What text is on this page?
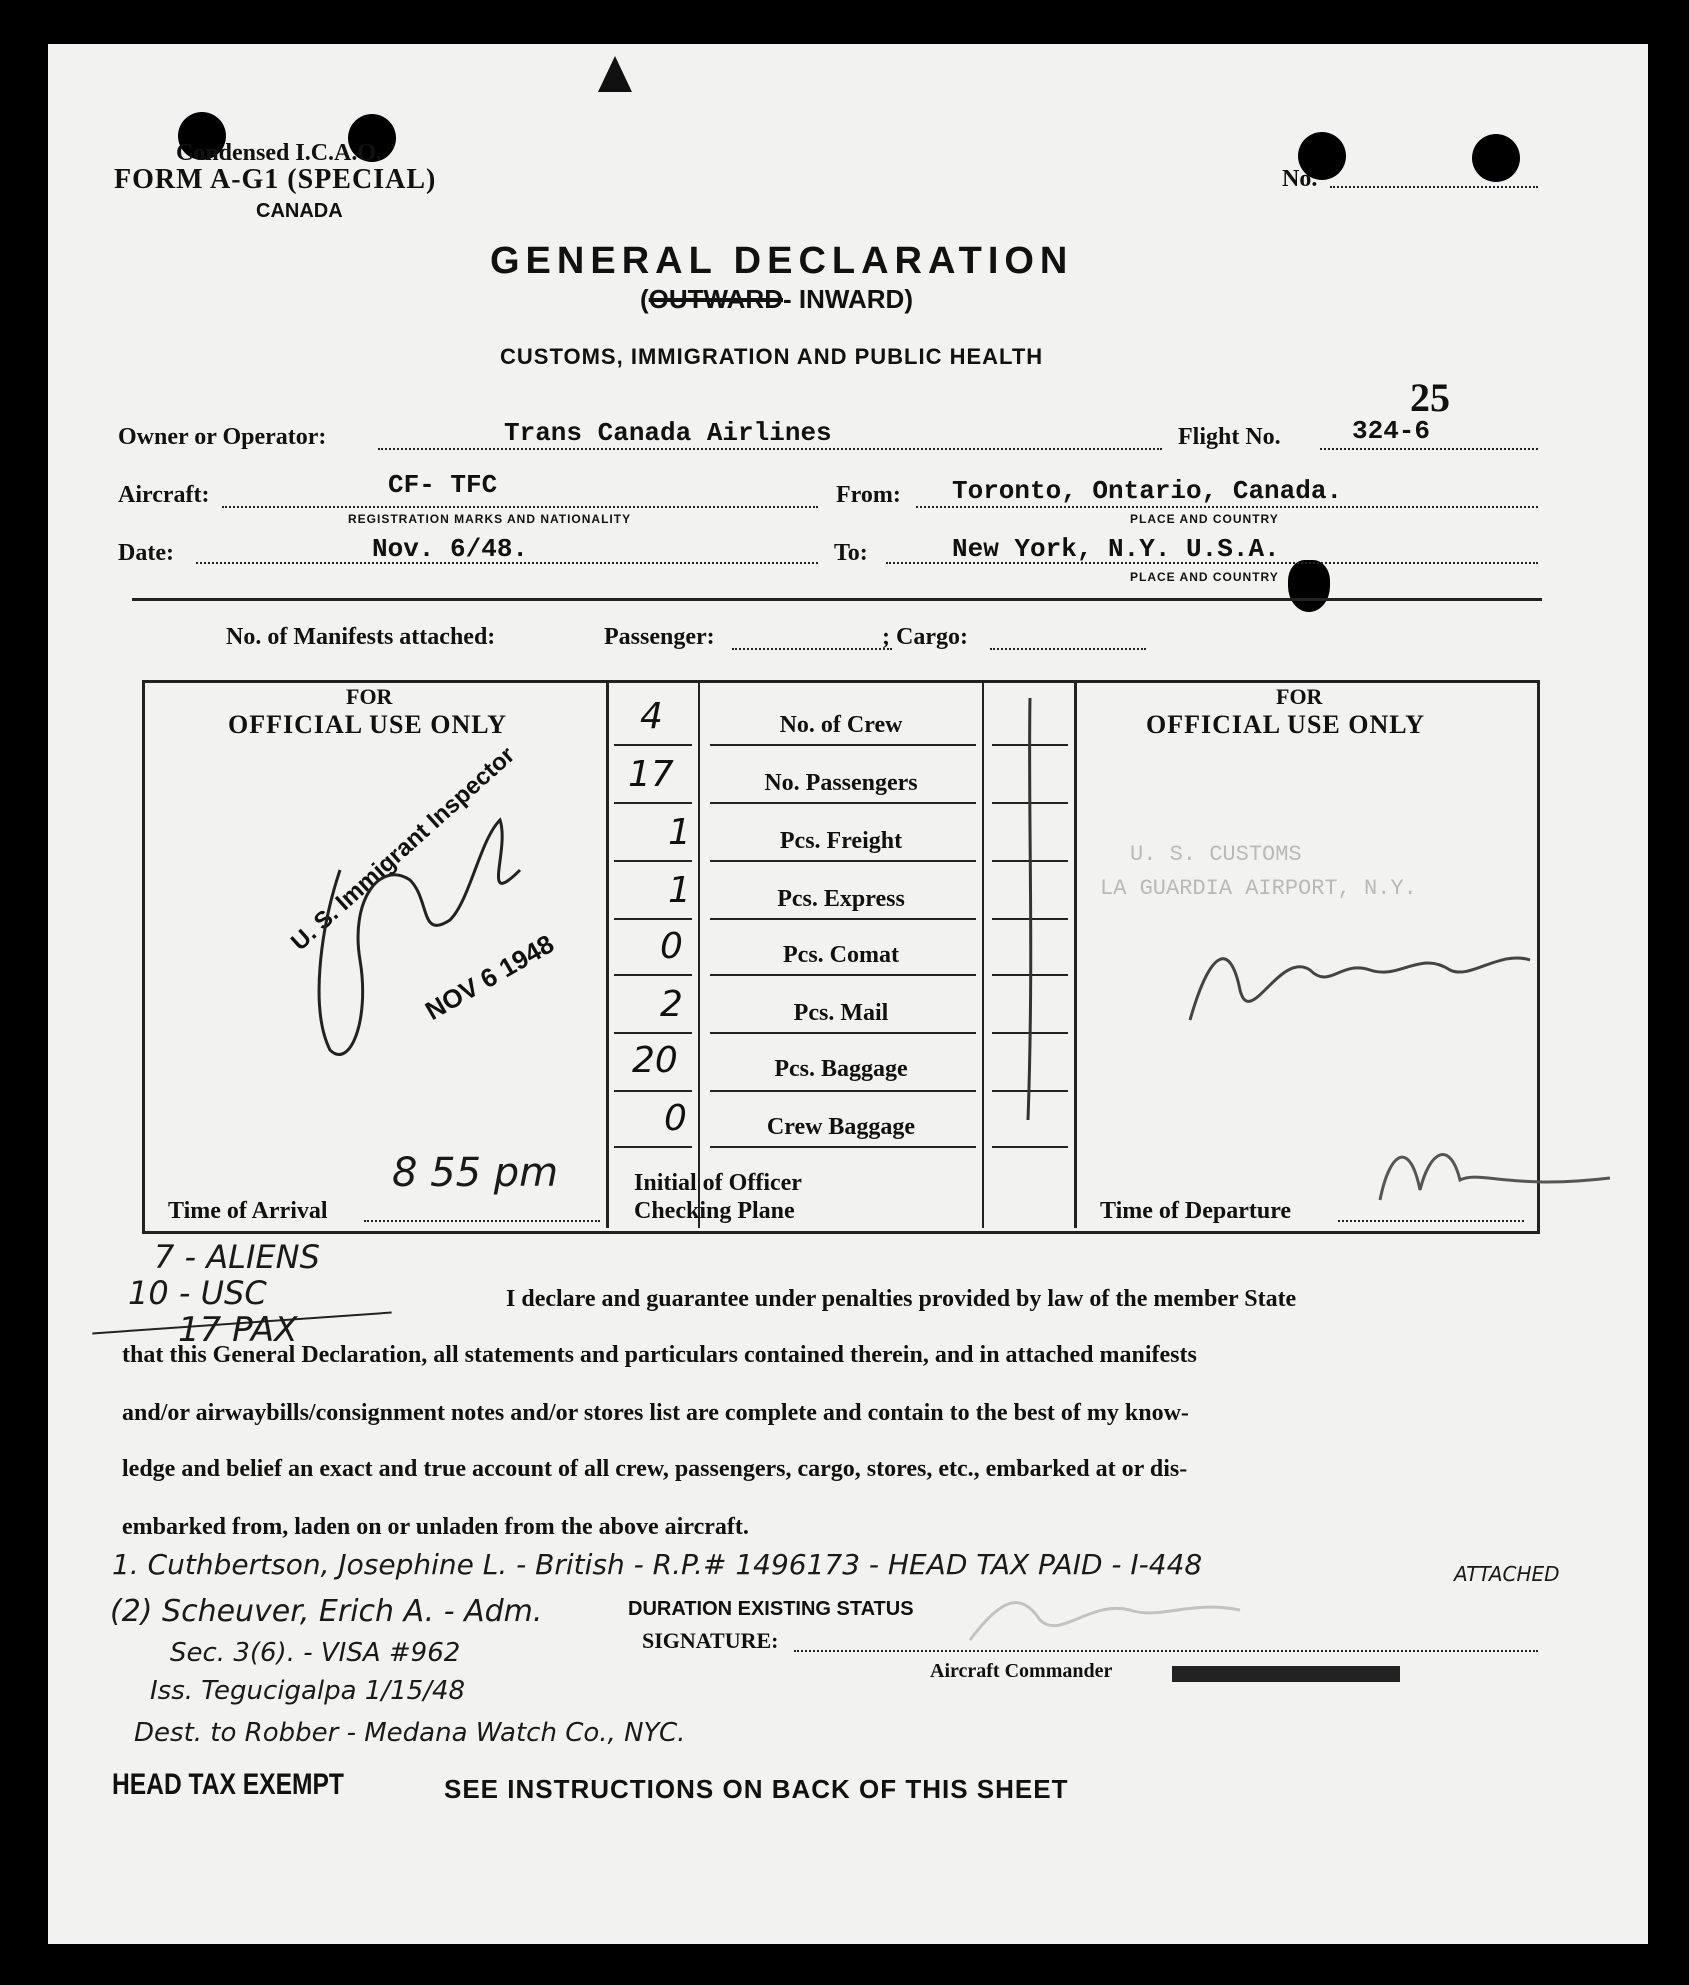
Condensed I.C.A.O.
FORM A-G1 (SPECIAL)
CANADA
No.
GENERAL DECLARATION
(OUTWARD- INWARD)
CUSTOMS, IMMIGRATION AND PUBLIC HEALTH
25
Owner or Operator:	Trans Canada Airlines	Flight No.	324-6
Aircraft:	CF- TFC
REGISTRATION MARKS AND NATIONALITY
From: Toronto, Ontario, Canada.
PLACE AND COUNTRY
Date:	Nov. 6/48.	To:	New York, N.Y. U.S.A.
PLACE AND COUNTRY
No. of Manifests attached:	Passenger:	; Cargo:
FOR
OFFICIAL USE ONLY
FOR
OFFICIAL USE ONLY
4	No. of Crew
17	No. Passengers
1	Pcs. Freight
1	Pcs. Express
0	Pcs. Comat
2	Pcs. Mail
20	Pcs. Baggage
0	Crew Baggage
Initial of Officer
Checking Plane
Time of Arrival
8 55 pm
Time of Departure
U. S. Immigrant Inspector
NOV 6 1948
U. S. CUSTOMS
LA GUARDIA AIRPORT, N.Y.
7 - ALIENS
10 - USC
17 PAX
I declare and guarantee under penalties provided by law of the member State
that this General Declaration, all statements and particulars contained therein, and in attached manifests
and/or airwaybills/consignment notes and/or stores list are complete and contain to the best of my know-
ledge and belief an exact and true account of all crew, passengers, cargo, stores, etc., embarked at or dis-
embarked from, laden on or unladen from the above aircraft.
1. Cuthbertson, Josephine L. - British - R.P.# 1496173 - HEAD TAX PAID - I-448	ATTACHED
(2) Scheuver, Erich A. - Adm.	DURATION EXISTING STATUS
Sec. 3(6). - VISA #962
Iss. Tegucigalpa 1/15/48
Dest. to Robber - Medana Watch Co., NYC.
SIGNATURE:
Aircraft Commander
HEAD TAX EXEMPT	SEE INSTRUCTIONS ON BACK OF THIS SHEET
